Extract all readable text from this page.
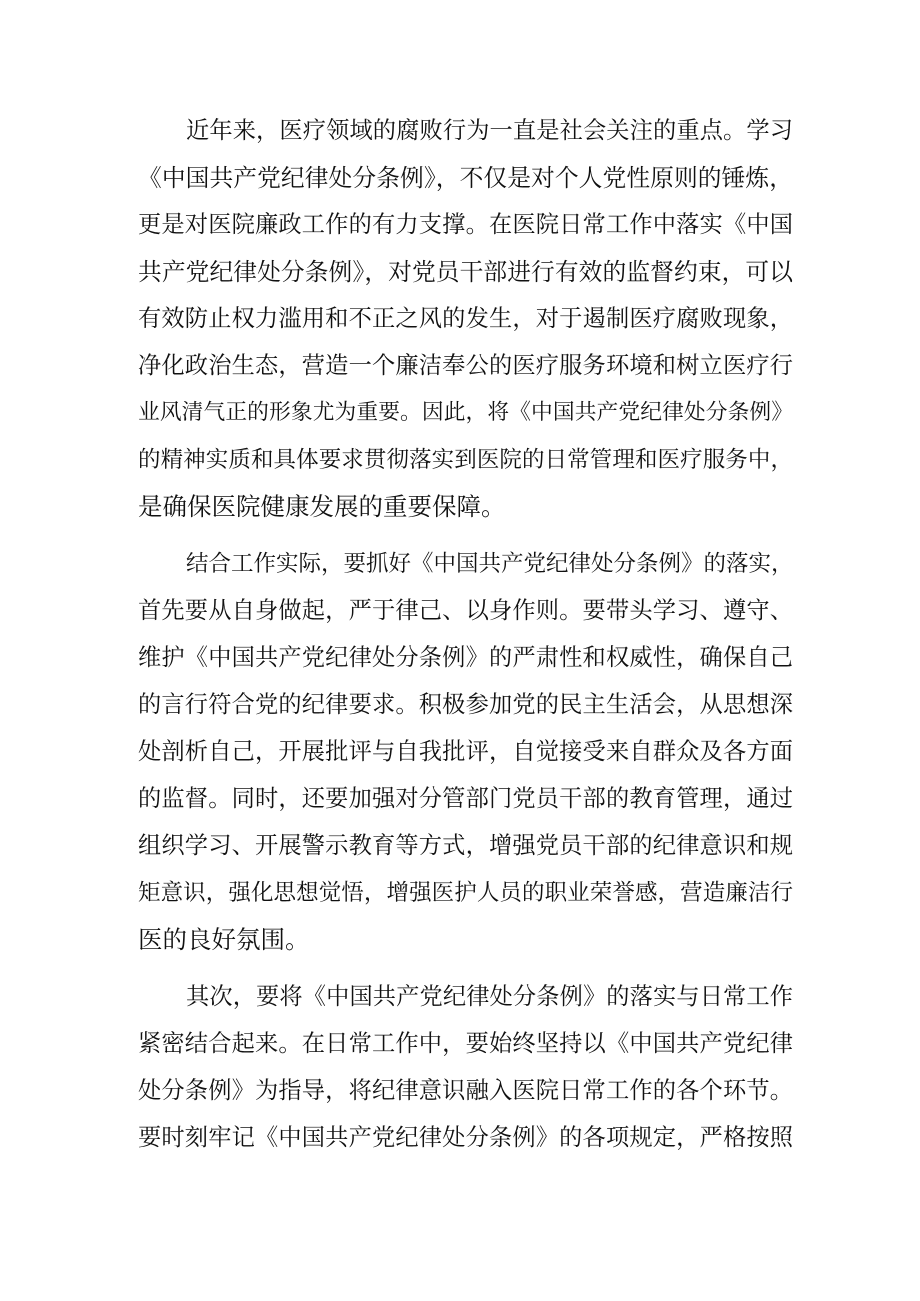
近年来，医疗领域的腐败行为一直是社会关注的重点。学习
《中国共产党纪律处分条例》，不仅是对个人党性原则的锤炼，
更是对医院廉政工作的有力支撑。在医院日常工作中落实《中国
共产党纪律处分条例》，对党员干部进行有效的监督约束，可以
有效防止权力滥用和不正之风的发生，对于遏制医疗腐败现象，
净化政治生态，营造一个廉洁奉公的医疗服务环境和树立医疗行
业风清气正的形象尤为重要。因此，将《中国共产党纪律处分条例》
的精神实质和具体要求贯彻落实到医院的日常管理和医疗服务中，
是确保医院健康发展的重要保障。
结合工作实际，要抓好《中国共产党纪律处分条例》的落实，
首先要从自身做起，严于律己、以身作则。要带头学习、遵守、
维护《中国共产党纪律处分条例》的严肃性和权威性，确保自己
的言行符合党的纪律要求。积极参加党的民主生活会，从思想深
处剖析自己，开展批评与自我批评，自觉接受来自群众及各方面
的监督。同时，还要加强对分管部门党员干部的教育管理，通过
组织学习、开展警示教育等方式，增强党员干部的纪律意识和规
矩意识，强化思想觉悟，增强医护人员的职业荣誉感，营造廉洁行
医的良好氛围。
其次，要将《中国共产党纪律处分条例》的落实与日常工作
紧密结合起来。在日常工作中，要始终坚持以《中国共产党纪律
处分条例》为指导，将纪律意识融入医院日常工作的各个环节。
要时刻牢记《中国共产党纪律处分条例》的各项规定，严格按照
